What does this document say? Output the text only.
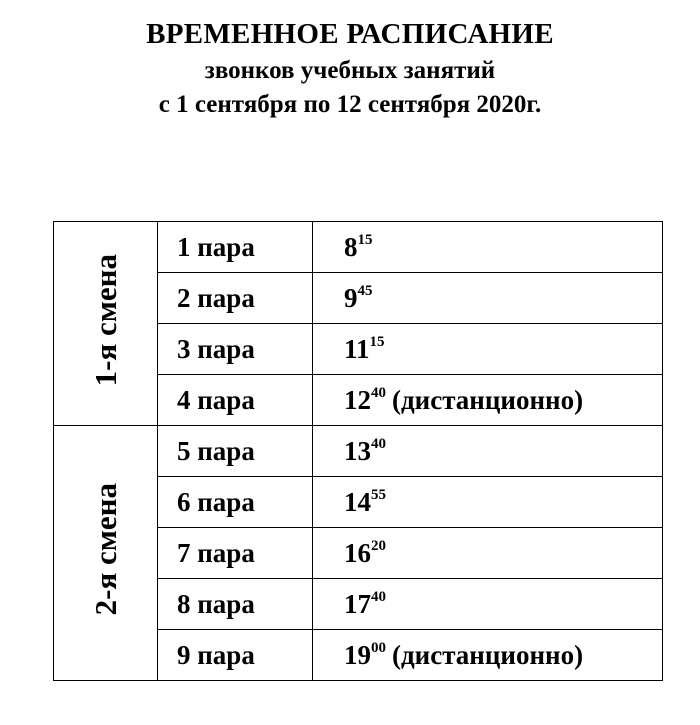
ВРЕМЕННОЕ РАСПИСАНИЕ
звонков учебных занятий
с 1 сентября по 12 сентября 2020г.
1-я смена	1 пара	$8^{15}$
	2 пара	$9^{45}$
	3 пара	$11^{15}$
	4 пара	$12^{40}$ (дистанционно)
2-я смена	5 пара	$13^{40}$
	6 пара	$14^{55}$
	7 пара	$16^{20}$
	8 пара	$17^{40}$
	9 пара	$19^{00}$ (дистанционно)
